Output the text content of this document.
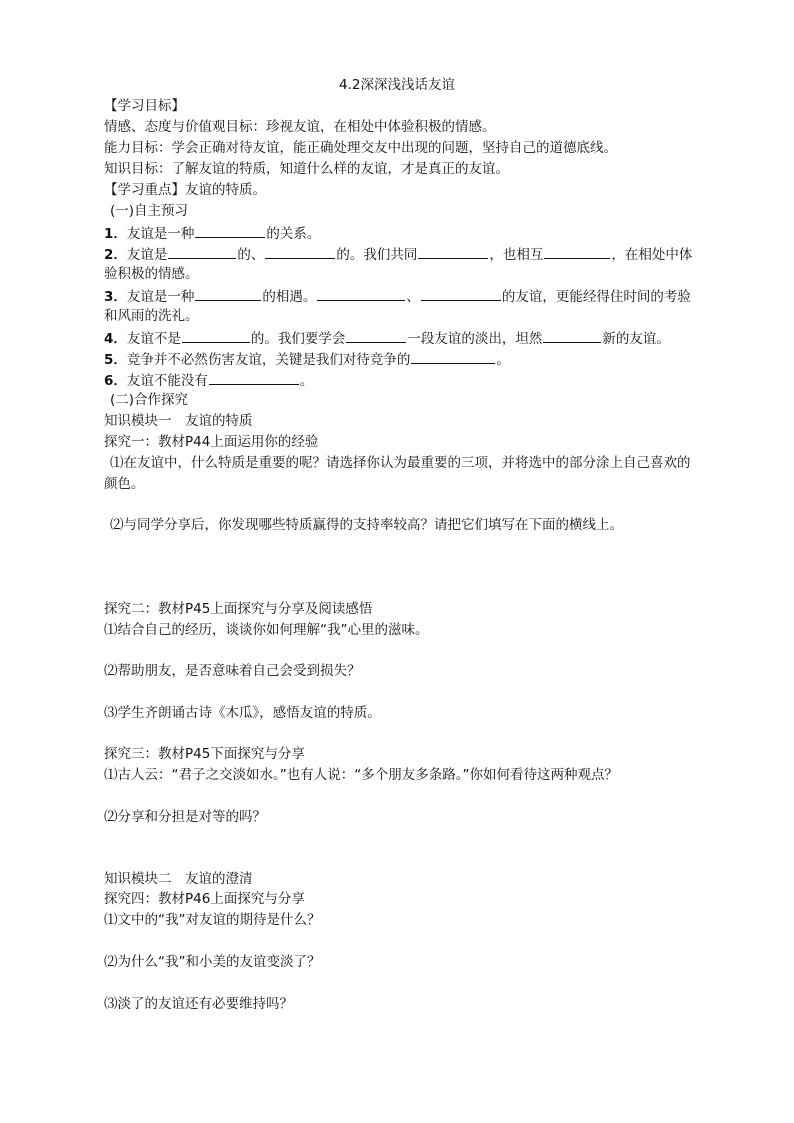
4.2深深浅浅话友谊
【学习目标】
情感、态度与价值观目标：珍视友谊，在相处中体验积极的情感。
能力目标：学会正确对待友谊，能正确处理交友中出现的问题，坚持自己的道德底线。
知识目标：了解友谊的特质，知道什么样的友谊，才是真正的友谊。
【学习重点】友谊的特质。
(一)自主预习
1．友谊是一种	的关系。
2．友谊是	的、	的。我们共同	，也相互	，在相处中体
验积极的情感。
3．友谊是一种	的相遇。	、	的友谊，更能经得住时间的考验
和风雨的洗礼。
4．友谊不是	的。我们要学会	一段友谊的淡出，坦然	新的友谊。
5．竞争并不必然伤害友谊，关键是我们对待竞争的	。
6．友谊不能没有	。
(二)合作探究
知识模块一　友谊的特质
探究一：教材P44上面运用你的经验
⑴在友谊中，什么特质是重要的呢？请选择你认为最重要的三项，并将选中的部分涂上自己喜欢的
颜色。
⑵与同学分享后，你发现哪些特质赢得的支持率较高？请把它们填写在下面的横线上。
探究二：教材P45上面探究与分享及阅读感悟
⑴结合自己的经历，谈谈你如何理解“我”心里的滋味。
⑵帮助朋友，是否意味着自己会受到损失？
⑶学生齐朗诵古诗《木瓜》，感悟友谊的特质。
探究三：教材P45下面探究与分享
⑴古人云：“君子之交淡如水。”也有人说：“多个朋友多条路。”你如何看待这两种观点？
⑵分享和分担是对等的吗？
知识模块二　友谊的澄清
探究四：教材P46上面探究与分享
⑴文中的“我”对友谊的期待是什么？
⑵为什么“我”和小美的友谊变淡了？
⑶淡了的友谊还有必要维持吗？
